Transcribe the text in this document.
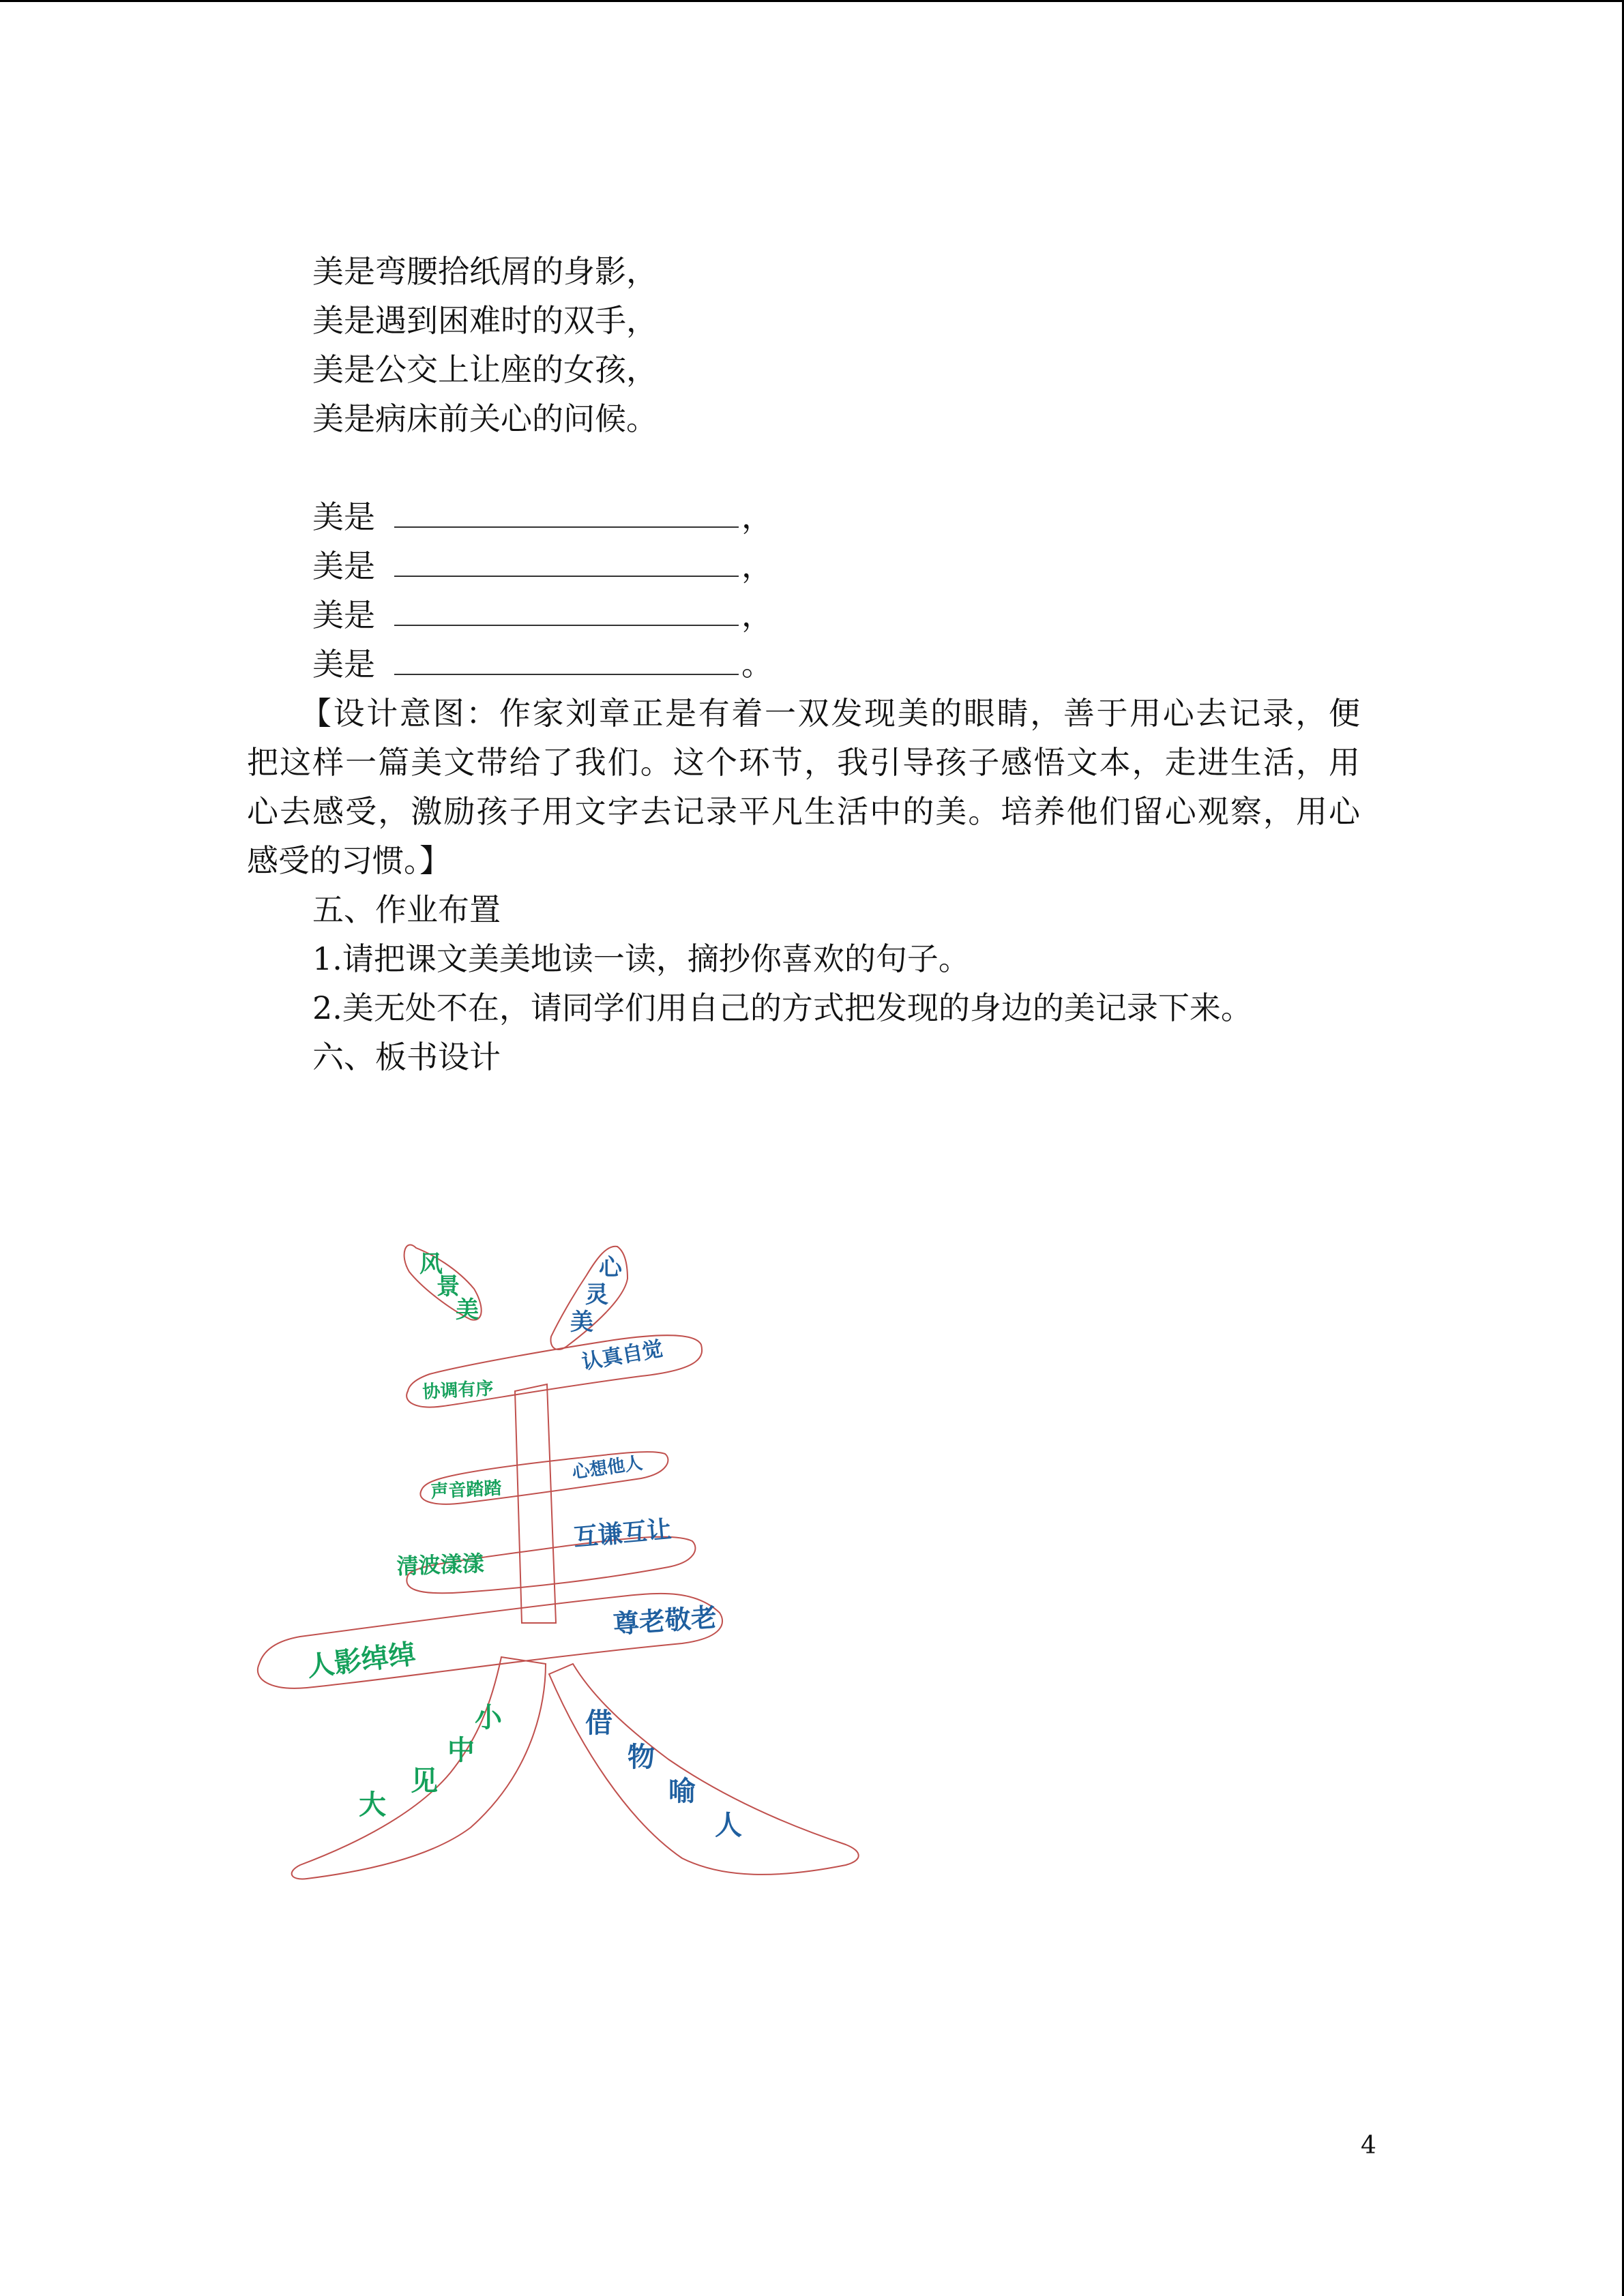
美是弯腰拾纸屑的身影，
美是遇到困难时的双手，
美是公交上让座的女孩，
美是病床前关心的问候。
美是	，
美是	，
美是	，
美是	。
【设计意图：作家刘章正是有着一双发现美的眼睛，善于用心去记录，便
把这样一篇美文带给了我们。这个环节，我引导孩子感悟文本，走进生活，用
心去感受，激励孩子用文字去记录平凡生活中的美。培养他们留心观察，用心
感受的习惯。】
五、作业布置
1.请把课文美美地读一读，摘抄你喜欢的句子。
2.美无处不在，请同学们用自己的方式把发现的身边的美记录下来。
六、板书设计
风
景
美
心
灵
美
协调有序
认真自觉
声音踏踏
心想他人
清波漾漾
互谦互让
尊老敬老
人影绰绰
小
中
见
大
借
物
喻
人
4
